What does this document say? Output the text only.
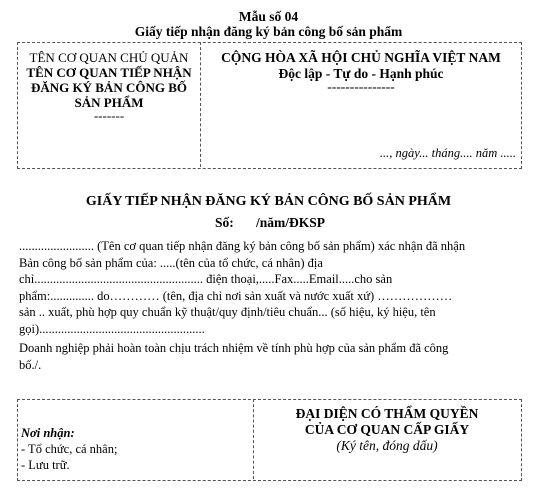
Mẫu số 04
Giấy tiếp nhận đăng ký bản công bố sản phẩm
TÊN CƠ QUAN CHỦ QUẢN
TÊN CƠ QUAN TIẾP NHẬN
ĐĂNG KÝ BẢN CÔNG BỐ
SẢN PHẨM
-------
CỘNG HÒA XÃ HỘI CHỦ NGHĨA VIỆT NAM
Độc lập - Tự do - Hạnh phúc
---------------
..., ngày... tháng.... năm .....
GIẤY TIẾP NHẬN ĐĂNG KÝ BẢN CÔNG BỐ SẢN PHẨM
Số: /năm/ĐKSP
........................ (Tên cơ quan tiếp nhận đăng ký bản công bố sản phẩm) xác nhận đã nhận
Bản công bố sản phẩm của: .....(tên của tổ chức, cá nhân) địa
chỉ...................................................... điện thoại,.....Fax.....Email.....cho sản
phẩm:.............. do………… (tên, địa chỉ nơi sản xuất và nước xuất xứ) ………………
sản .. xuất, phù hợp quy chuẩn kỹ thuật/quy định/tiêu chuẩn... (số hiệu, ký hiệu, tên
gọi).....................................................
Doanh nghiệp phải hoàn toàn chịu trách nhiệm về tính phù hợp của sản phẩm đã công
bố./.
Nơi nhận:
- Tổ chức, cá nhân;
- Lưu trữ.
ĐẠI DIỆN CÓ THẨM QUYỀN
CỦA CƠ QUAN CẤP GIẤY
(Ký tên, đóng dấu)
